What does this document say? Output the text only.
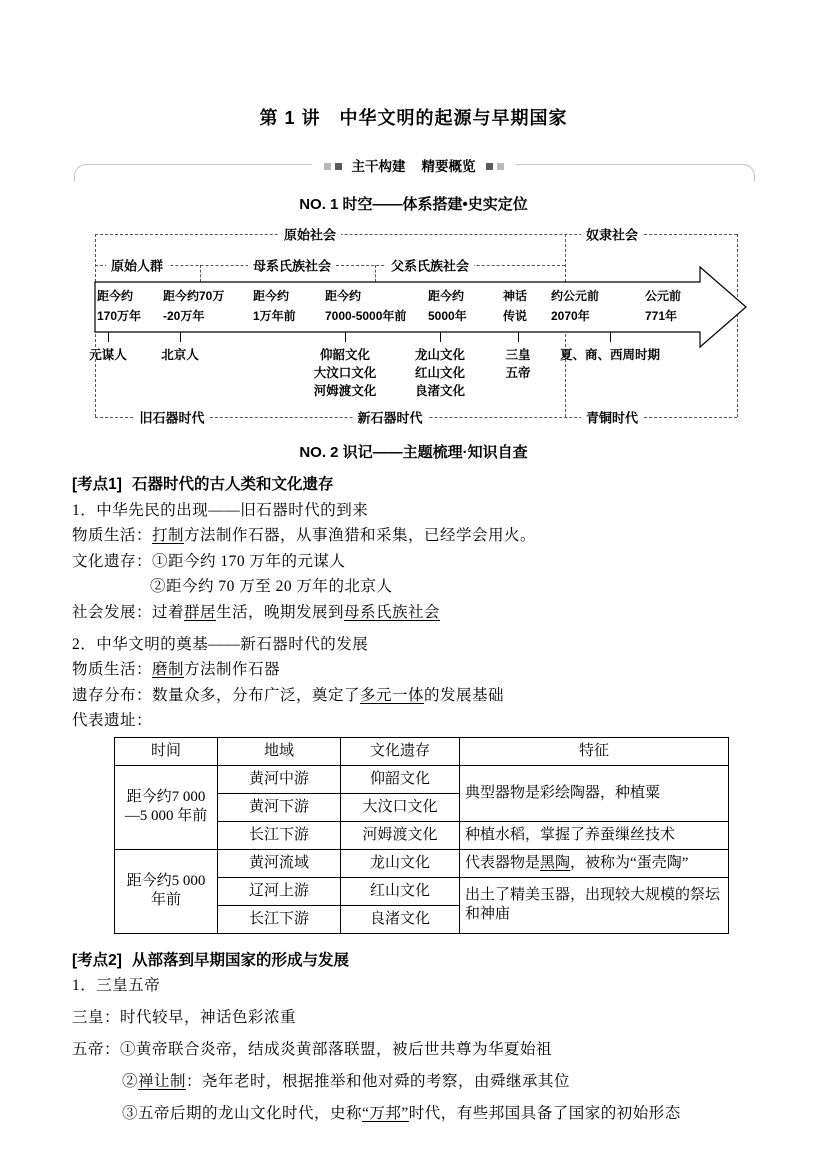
第 1 讲　中华文明的起源与早期国家
主干构建 精要概览
NO. 1 时空——体系搭建•史实定位
原始社会	奴隶社会
原始人群	母系氏族社会	父系氏族社会
距今约
170万年
距今约70万
-20万年
距今约
1万年前
距今约
7000-5000年前
距今约
5000年
神话
传说
约公元前
2070年
公元前
771年
元谋人	北京人	仰韶文化
大汶口文化
河姆渡文化
龙山文化
红山文化
良渚文化
三皇
五帝
夏、商、西周时期
旧石器时代	新石器时代	青铜时代
NO. 2 识记——主题梳理·知识自查
[考点1] 石器时代的古人类和文化遗存

1．中华先民的出现——旧石器时代的到来

物质生活：打制方法制作石器，从事渔猎和采集，已经学会用火。

文化遗存：①距今约 170 万年的元谋人

②距今约 70 万至 20 万年的北京人

社会发展：过着群居生活，晚期发展到母系氏族社会

2．中华文明的奠基——新石器时代的发展

物质生活：磨制方法制作石器

遗存分布：数量众多，分布广泛，奠定了多元一体的发展基础

代表遗址：

时间	地域	文化遗存	特征
距今约7 000—5 000 年前	黄河中游	仰韶文化	典型器物是彩绘陶器，种植粟
	黄河下游	大汶口文化	
	长江下游	河姆渡文化	种植水稻，掌握了养蚕缫丝技术
距今约5 000 年前	黄河流域	龙山文化	代表器物是黑陶，被称为“蛋壳陶”
	辽河上游	红山文化	出土了精美玉器，出现较大规模的祭坛和神庙
	长江下游	良渚文化	
[考点2] 从部落到早期国家的形成与发展

1．三皇五帝

三皇：时代较早，神话色彩浓重

五帝：①黄帝联合炎帝，结成炎黄部落联盟，被后世共尊为华夏始祖

②禅让制：尧年老时，根据推举和他对舜的考察，由舜继承其位

③五帝后期的龙山文化时代，史称“万邦”时代，有些邦国具备了国家的初始形态
